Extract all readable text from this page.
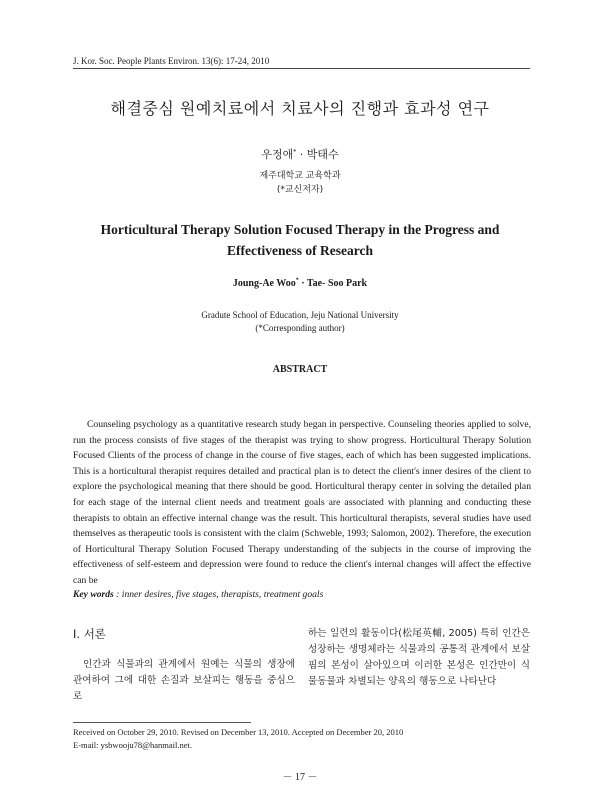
J. Kor. Soc. People Plants Environ. 13(6): 17-24, 2010
해결중심 원예치료에서 치료사의 진행과 효과성 연구
우정애* · 박태수
제주대학교 교육학과
(*교신저자)
Horticultural Therapy Solution Focused Therapy in the Progress and
Effectiveness of Research
Joung-Ae Woo* · Tae- Soo Park
Gradute School of Education, Jeju National University
(*Corresponding author)
ABSTRACT

Counseling psychology as a quantitative research study began in perspective. Counseling theories applied to solve, run the process consists of five stages of the therapist was trying to show progress. Horticultural Therapy Solution Focused Clients of the process of change in the course of five stages, each of which has been suggested implications. This is a horticultural therapist requires detailed and practical plan is to detect the client's inner desires of the client to explore the psychological meaning that there should be good. Horticultural therapy center in solving the detailed plan for each stage of the internal client needs and treatment goals are associated with planning and conducting these therapists to obtain an effective internal change was the result. This horticultural therapists, several studies have used themselves as therapeutic tools is consistent with the claim (Schweble, 1993; Salomon, 2002). Therefore, the execution of Horticultural Therapy Solution Focused Therapy understanding of the subjects in the course of improving the effectiveness of self-esteem and depression were found to reduce the client's internal changes will affect the effective can be

Key words : inner desires, five stages, therapists, treatment goals
Ⅰ. 서론

인간과 식물과의 관계에서 원예는 식물의 생장에 관여하여 그에 대한 손질과 보살피는 행동을 중심으로

하는 일련의 활동이다(松尾英輔, 2005) 특히 인간은 성장하는 생명체라는 식물과의 공통적 관계에서 보살핌의 본성이 살아있으며 이러한 본성은 인간만이 식물동물과 차별되는 양육의 행동으로 나타난다

Received on October 29, 2010. Revised on December 13, 2010. Accepted on December 20, 2010
E-mail: ysbwooju78@hanmail.net.
－ 17 －
